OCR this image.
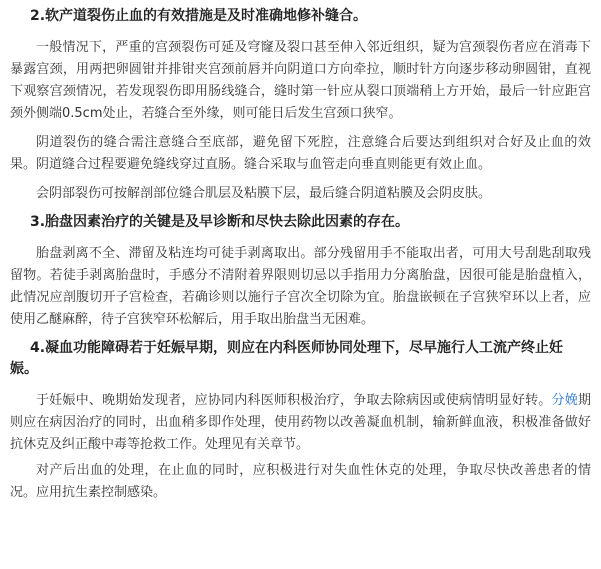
2.软产道裂伤止血的有效措施是及时准确地修补缝合。

一般情况下，严重的宫颈裂伤可延及穹窿及裂口甚至伸入邻近组织，疑为宫颈裂伤者应在消毒下暴露宫颈，用两把卵圆钳并排钳夹宫颈前唇并向阴道口方向牵拉，顺时针方向逐步移动卵圆钳，直视下观察宫颈情况，若发现裂伤即用肠线缝合，缝时第一针应从裂口顶端稍上方开始，最后一针应距宫颈外侧端0.5cm处止，若缝合至外缘，则可能日后发生宫颈口狭窄。

阴道裂伤的缝合需注意缝合至底部，避免留下死腔，注意缝合后要达到组织对合好及止血的效果。阴道缝合过程要避免缝线穿过直肠。缝合采取与血管走向垂直则能更有效止血。

会阴部裂伤可按解剖部位缝合肌层及粘膜下层，最后缝合阴道粘膜及会阴皮肤。

3.胎盘因素治疗的关键是及早诊断和尽快去除此因素的存在。

胎盘剥离不全、滞留及粘连均可徒手剥离取出。部分残留用手不能取出者，可用大号刮匙刮取残留物。若徒手剥离胎盘时，手感分不清附着界限则切忌以手指用力分离胎盘，因很可能是胎盘植入，此情况应剖腹切开子宫检查，若确诊则以施行子宫次全切除为宜。胎盘嵌顿在子宫狭窄环以上者，应使用乙醚麻醉，待子宫狭窄环松解后，用手取出胎盘当无困难。

4.凝血功能障碍若于妊娠早期，则应在内科医师协同处理下，尽早施行人工流产终止妊娠。

于妊娠中、晚期始发现者，应协同内科医师积极治疗，争取去除病因或使病情明显好转。分娩期则应在病因治疗的同时，出血稍多即作处理，使用药物以改善凝血机制，输新鲜血液，积极准备做好抗休克及纠正酸中毒等抢救工作。处理见有关章节。

对产后出血的处理，在止血的同时，应积极进行对失血性休克的处理，争取尽快改善患者的情况。应用抗生素控制感染。
